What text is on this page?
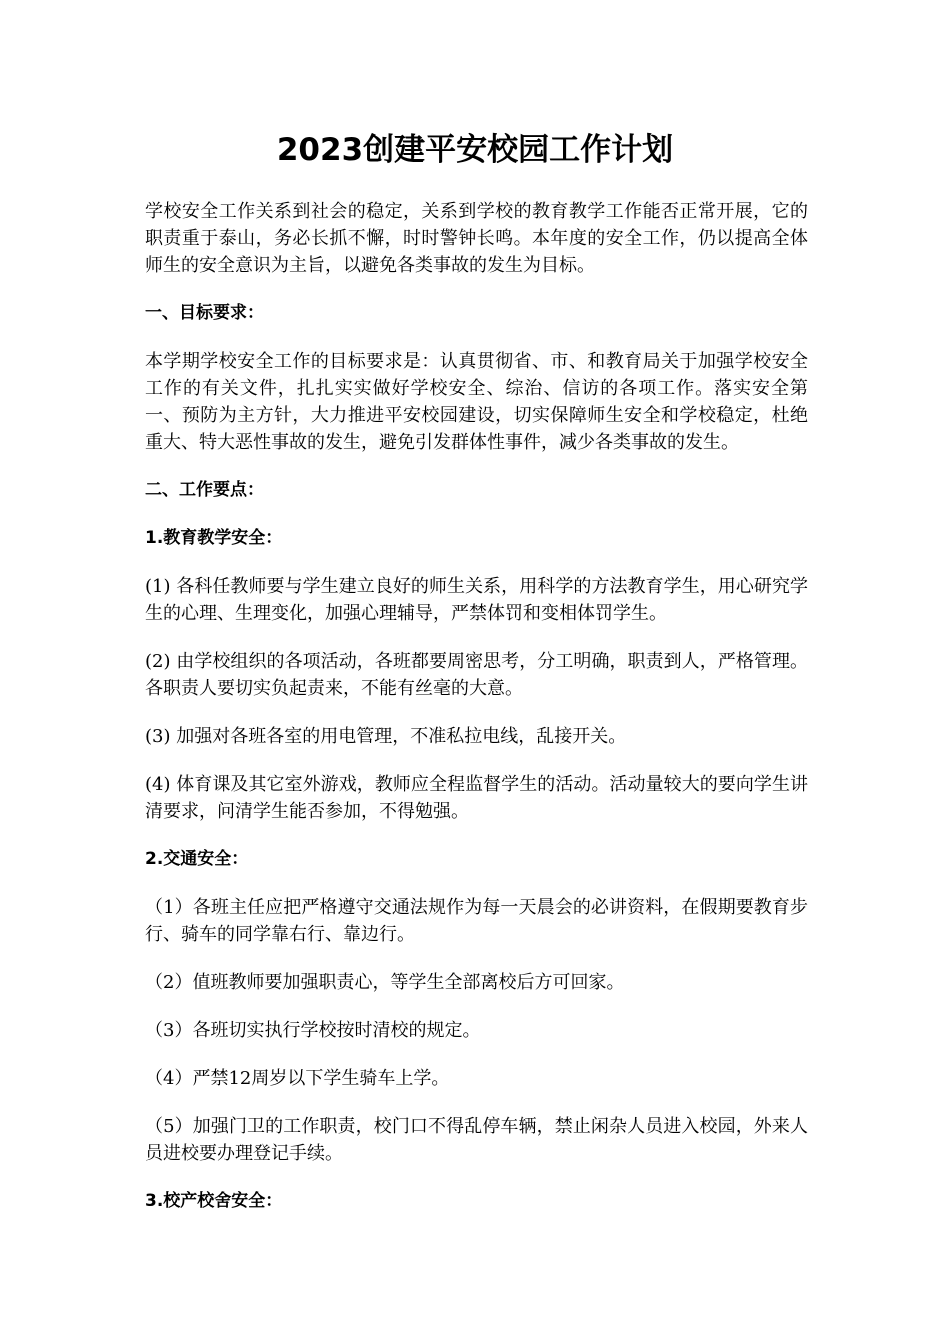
2023创建平安校园工作计划

学校安全工作关系到社会的稳定，关系到学校的教育教学工作能否正常开展，它的职责重于泰山，务必长抓不懈，时时警钟长鸣。本年度的安全工作，仍以提高全体师生的安全意识为主旨，以避免各类事故的发生为目标。

一、目标要求：

本学期学校安全工作的目标要求是：认真贯彻省、市、和教育局关于加强学校安全工作的有关文件，扎扎实实做好学校安全、综治、信访的各项工作。落实安全第一、预防为主方针，大力推进平安校园建设，切实保障师生安全和学校稳定，杜绝重大、特大恶性事故的发生，避免引发群体性事件，减少各类事故的发生。

二、工作要点：

1.教育教学安全：

(1) 各科任教师要与学生建立良好的师生关系，用科学的方法教育学生，用心研究学生的心理、生理变化，加强心理辅导，严禁体罚和变相体罚学生。

(2) 由学校组织的各项活动，各班都要周密思考，分工明确，职责到人，严格管理。各职责人要切实负起责来，不能有丝毫的大意。

(3) 加强对各班各室的用电管理，不准私拉电线，乱接开关。

(4) 体育课及其它室外游戏，教师应全程监督学生的活动。活动量较大的要向学生讲清要求，问清学生能否参加，不得勉强。

2.交通安全：

（1）各班主任应把严格遵守交通法规作为每一天晨会的必讲资料，在假期要教育步行、骑车的同学靠右行、靠边行。

（2）值班教师要加强职责心，等学生全部离校后方可回家。

（3）各班切实执行学校按时清校的规定。

（4）严禁12周岁以下学生骑车上学。

（5）加强门卫的工作职责，校门口不得乱停车辆，禁止闲杂人员进入校园，外来人员进校要办理登记手续。

3.校产校舍安全：
